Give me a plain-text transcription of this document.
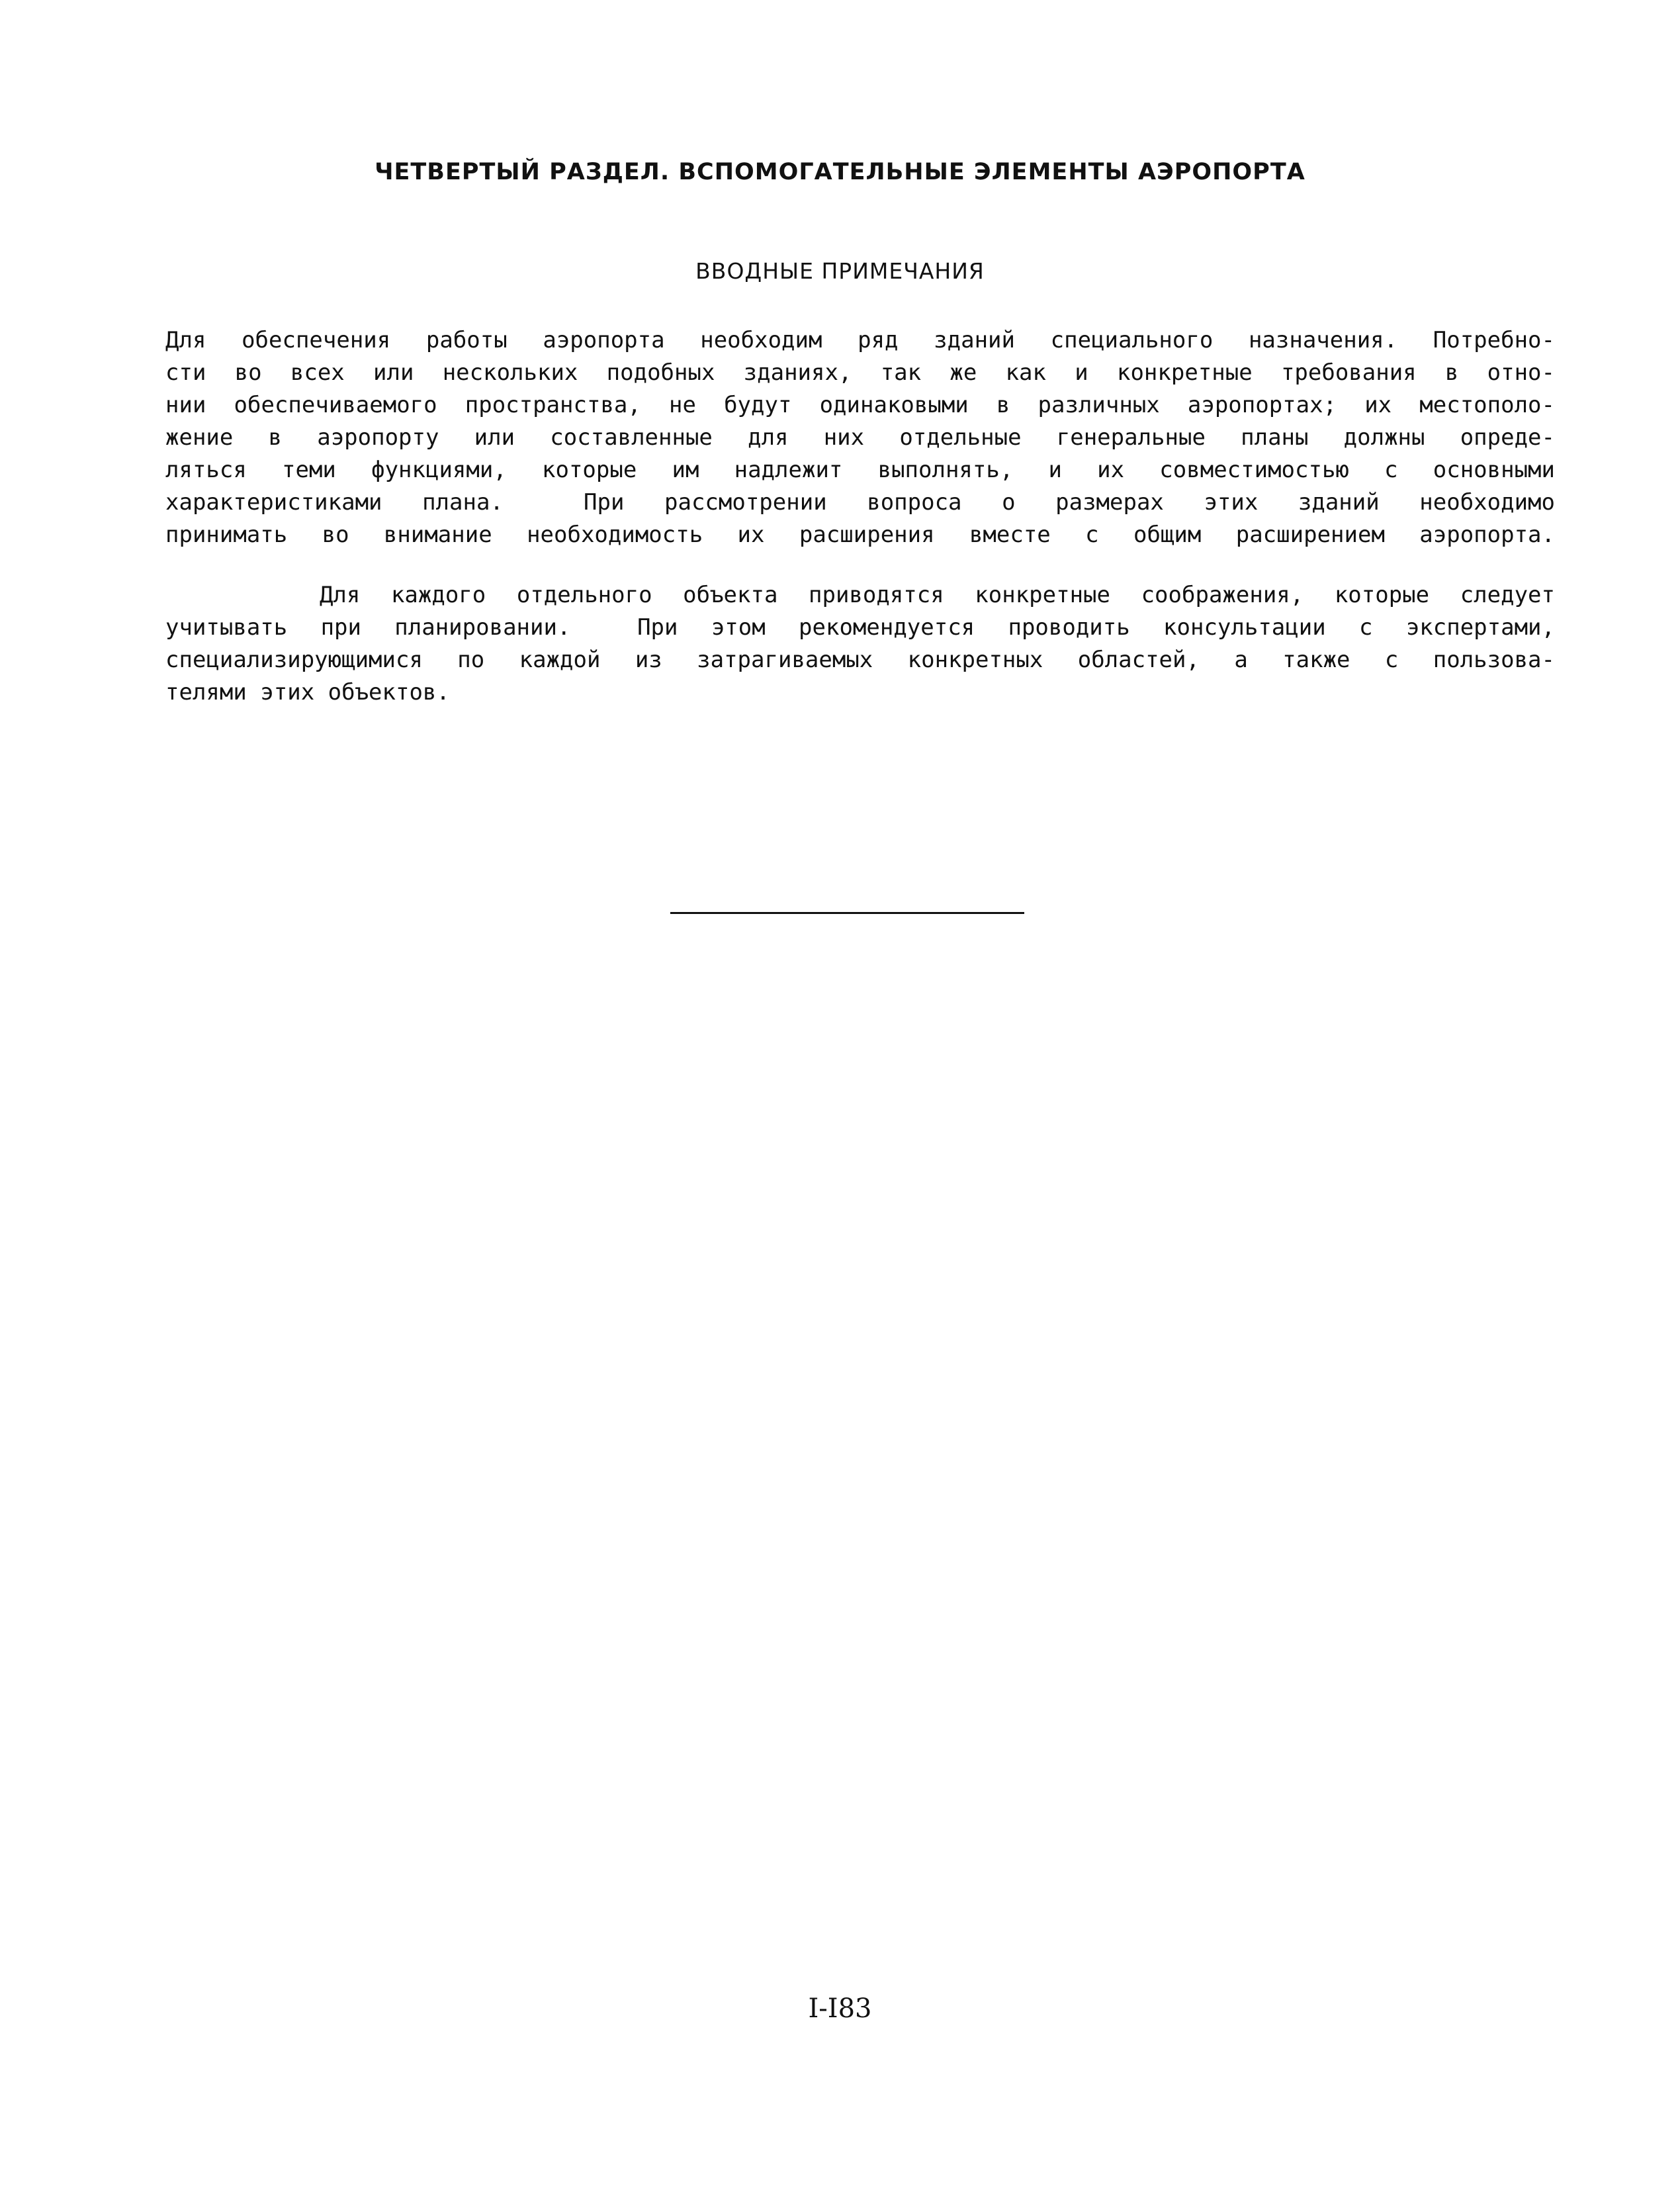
ЧЕТВЕРТЫЙ РАЗДЕЛ. ВСПОМОГАТЕЛЬНЫЕ ЭЛЕМЕНТЫ АЭРОПОРТА
ВВОДНЫЕ ПРИМЕЧАНИЯ
Для обеспечения работы аэропорта необходим ряд зданий специального назначения. Потребно-
сти во всех или нескольких подобных зданиях, так же как и конкретные требования в отно-
нии обеспечиваемого пространства, не будут одинаковыми в различных аэропортах; их местополо-
жение в аэропорту или составленные для них отдельные генеральные планы должны опреде-
ляться теми функциями, которые им надлежит выполнять, и их совместимостью с основными
характеристиками плана.  При рассмотрении вопроса о размерах этих зданий необходимо
принимать во внимание необходимость их расширения вместе с общим расширением аэропорта.
Для каждого отдельного объекта приводятся конкретные соображения, которые следует
учитывать при планировании.  При этом рекомендуется проводить консультации с экспертами,
специализирующимися по каждой из затрагиваемых конкретных областей, а также с пользова-
телями этих объектов.
I-I83
